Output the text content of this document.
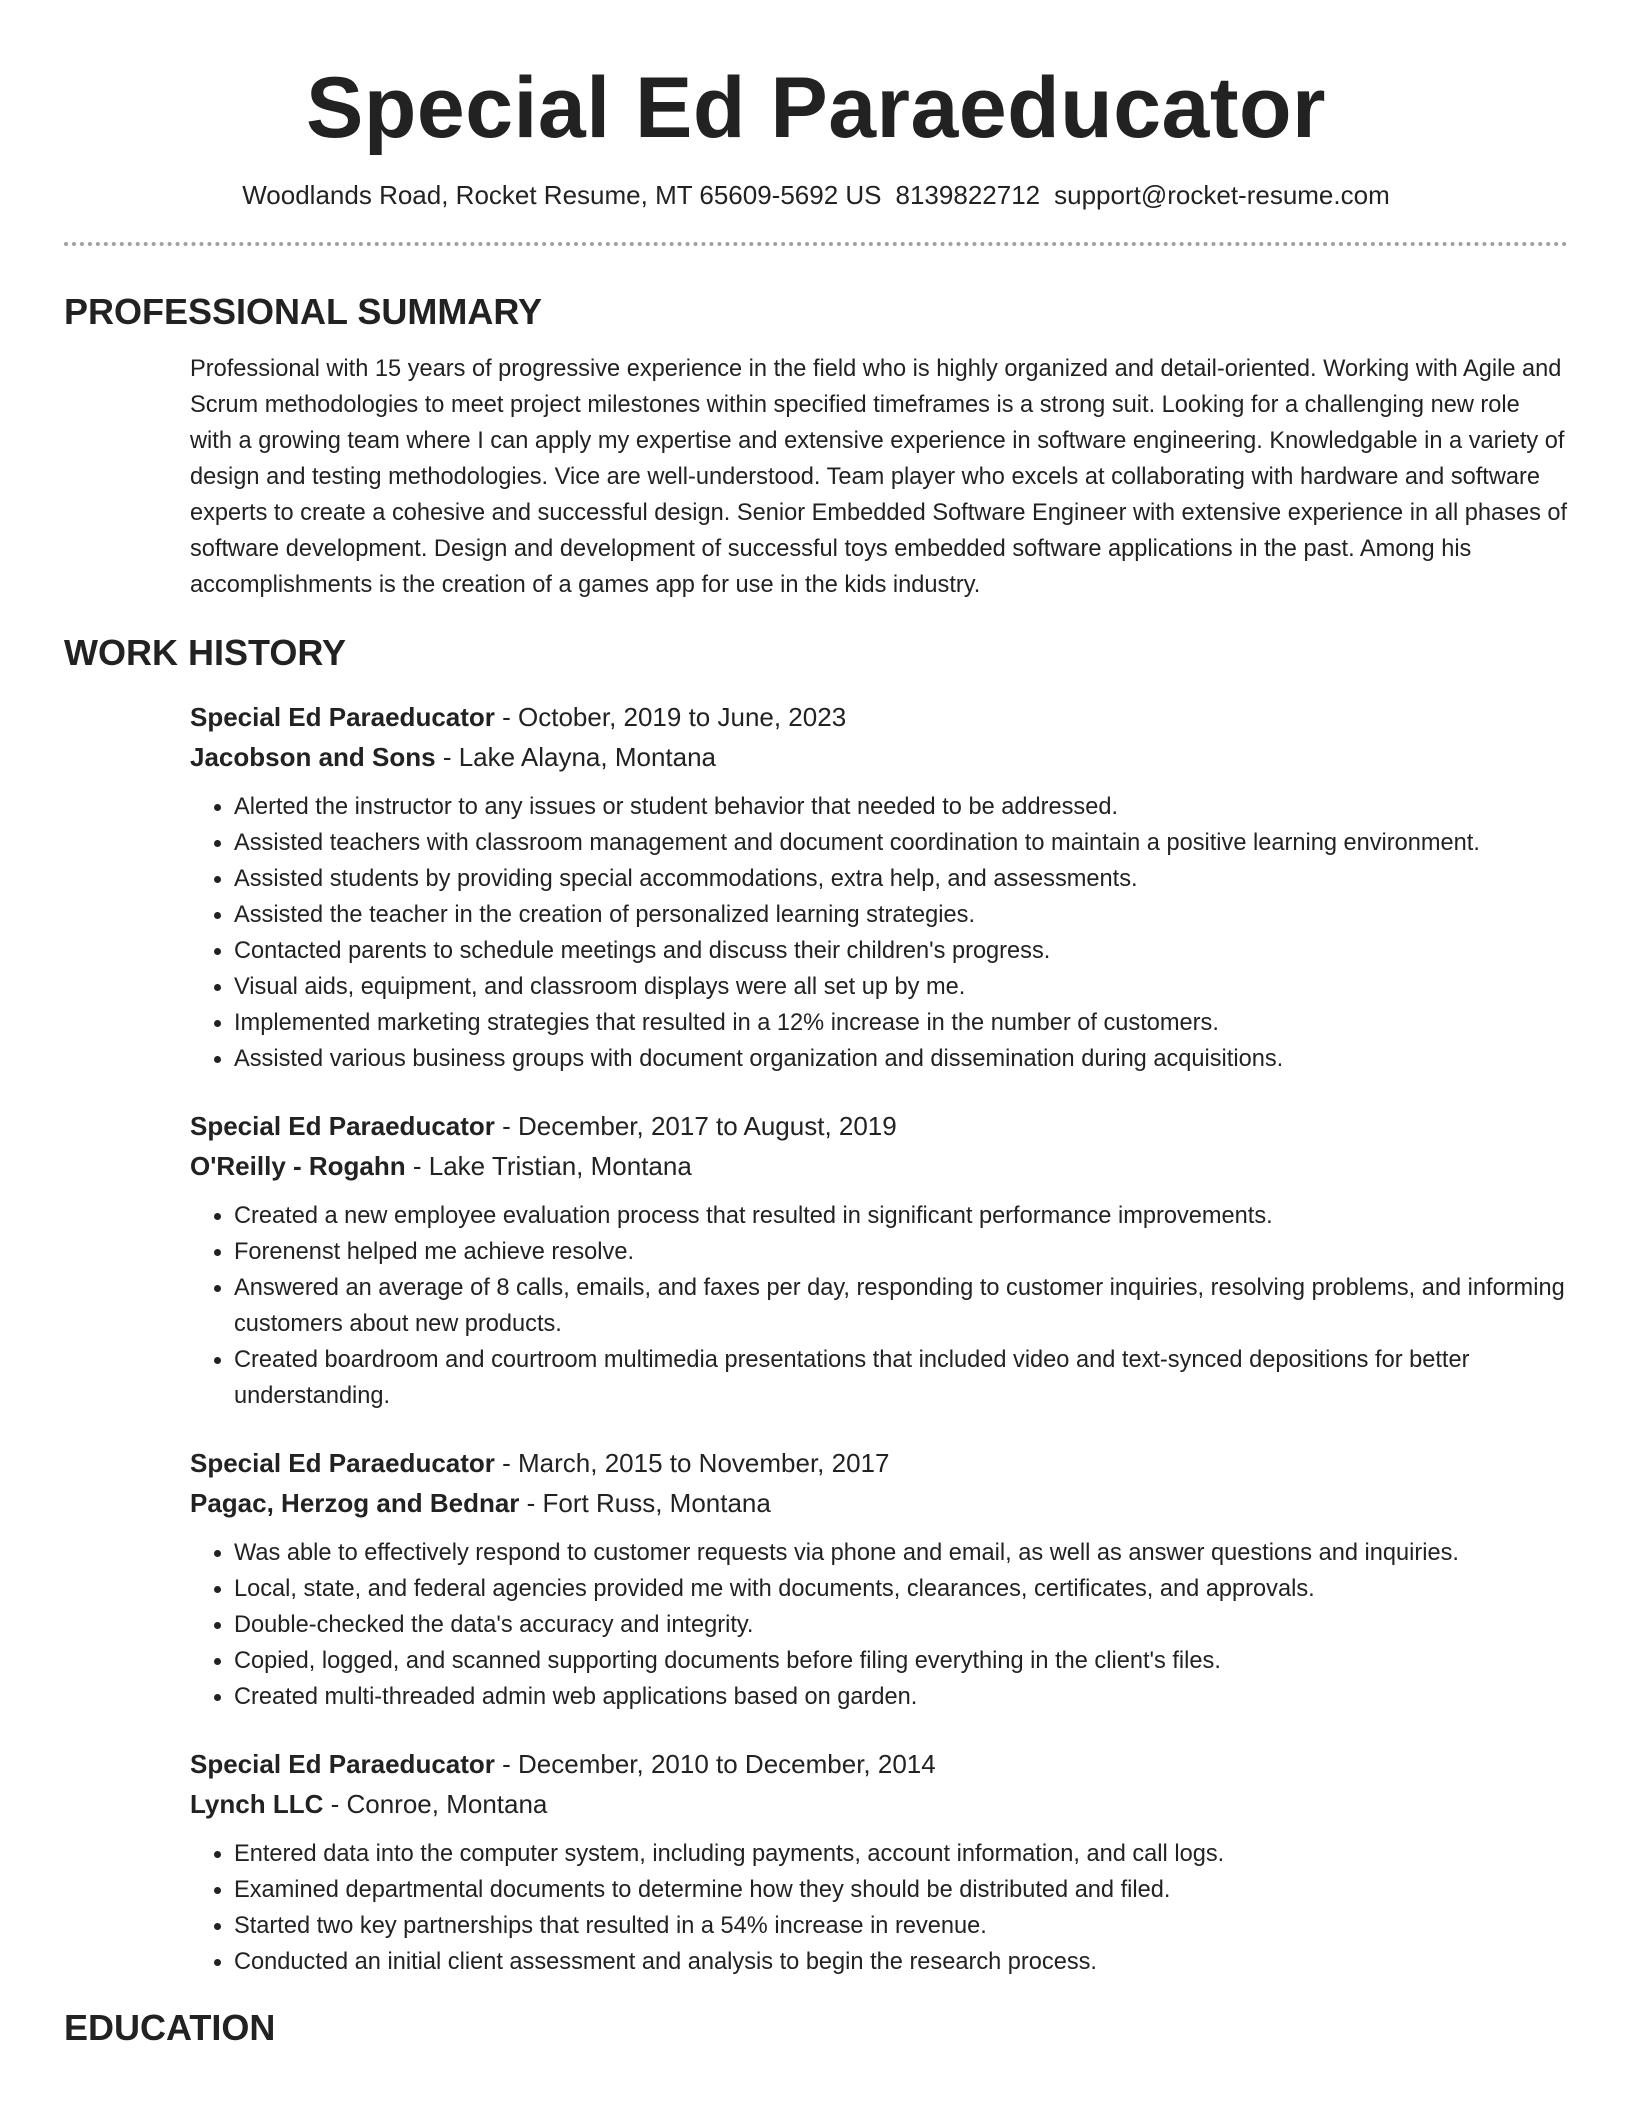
Special Ed Paraeducator
Woodlands Road, Rocket Resume, MT 65609-5692 US 8139822712 support@rocket-resume.com
PROFESSIONAL SUMMARY
Professional with 15 years of progressive experience in the field who is highly organized and detail-oriented. Working with Agile and Scrum methodologies to meet project milestones within specified timeframes is a strong suit. Looking for a challenging new role with a growing team where I can apply my expertise and extensive experience in software engineering. Knowledgable in a variety of design and testing methodologies. Vice are well-understood. Team player who excels at collaborating with hardware and software experts to create a cohesive and successful design. Senior Embedded Software Engineer with extensive experience in all phases of software development. Design and development of successful toys embedded software applications in the past. Among his accomplishments is the creation of a games app for use in the kids industry.
WORK HISTORY
Special Ed Paraeducator - October, 2019 to June, 2023
Jacobson and Sons - Lake Alayna, Montana
• Alerted the instructor to any issues or student behavior that needed to be addressed.
• Assisted teachers with classroom management and document coordination to maintain a positive learning environment.
• Assisted students by providing special accommodations, extra help, and assessments.
• Assisted the teacher in the creation of personalized learning strategies.
• Contacted parents to schedule meetings and discuss their children's progress.
• Visual aids, equipment, and classroom displays were all set up by me.
• Implemented marketing strategies that resulted in a 12% increase in the number of customers.
• Assisted various business groups with document organization and dissemination during acquisitions.
Special Ed Paraeducator - December, 2017 to August, 2019
O'Reilly - Rogahn - Lake Tristian, Montana
• Created a new employee evaluation process that resulted in significant performance improvements.
• Forenenst helped me achieve resolve.
• Answered an average of 8 calls, emails, and faxes per day, responding to customer inquiries, resolving problems, and informing customers about new products.
• Created boardroom and courtroom multimedia presentations that included video and text-synced depositions for better understanding.
Special Ed Paraeducator - March, 2015 to November, 2017
Pagac, Herzog and Bednar - Fort Russ, Montana
• Was able to effectively respond to customer requests via phone and email, as well as answer questions and inquiries.
• Local, state, and federal agencies provided me with documents, clearances, certificates, and approvals.
• Double-checked the data's accuracy and integrity.
• Copied, logged, and scanned supporting documents before filing everything in the client's files.
• Created multi-threaded admin web applications based on garden.
Special Ed Paraeducator - December, 2010 to December, 2014
Lynch LLC - Conroe, Montana
• Entered data into the computer system, including payments, account information, and call logs.
• Examined departmental documents to determine how they should be distributed and filed.
• Started two key partnerships that resulted in a 54% increase in revenue.
• Conducted an initial client assessment and analysis to begin the research process.
EDUCATION
